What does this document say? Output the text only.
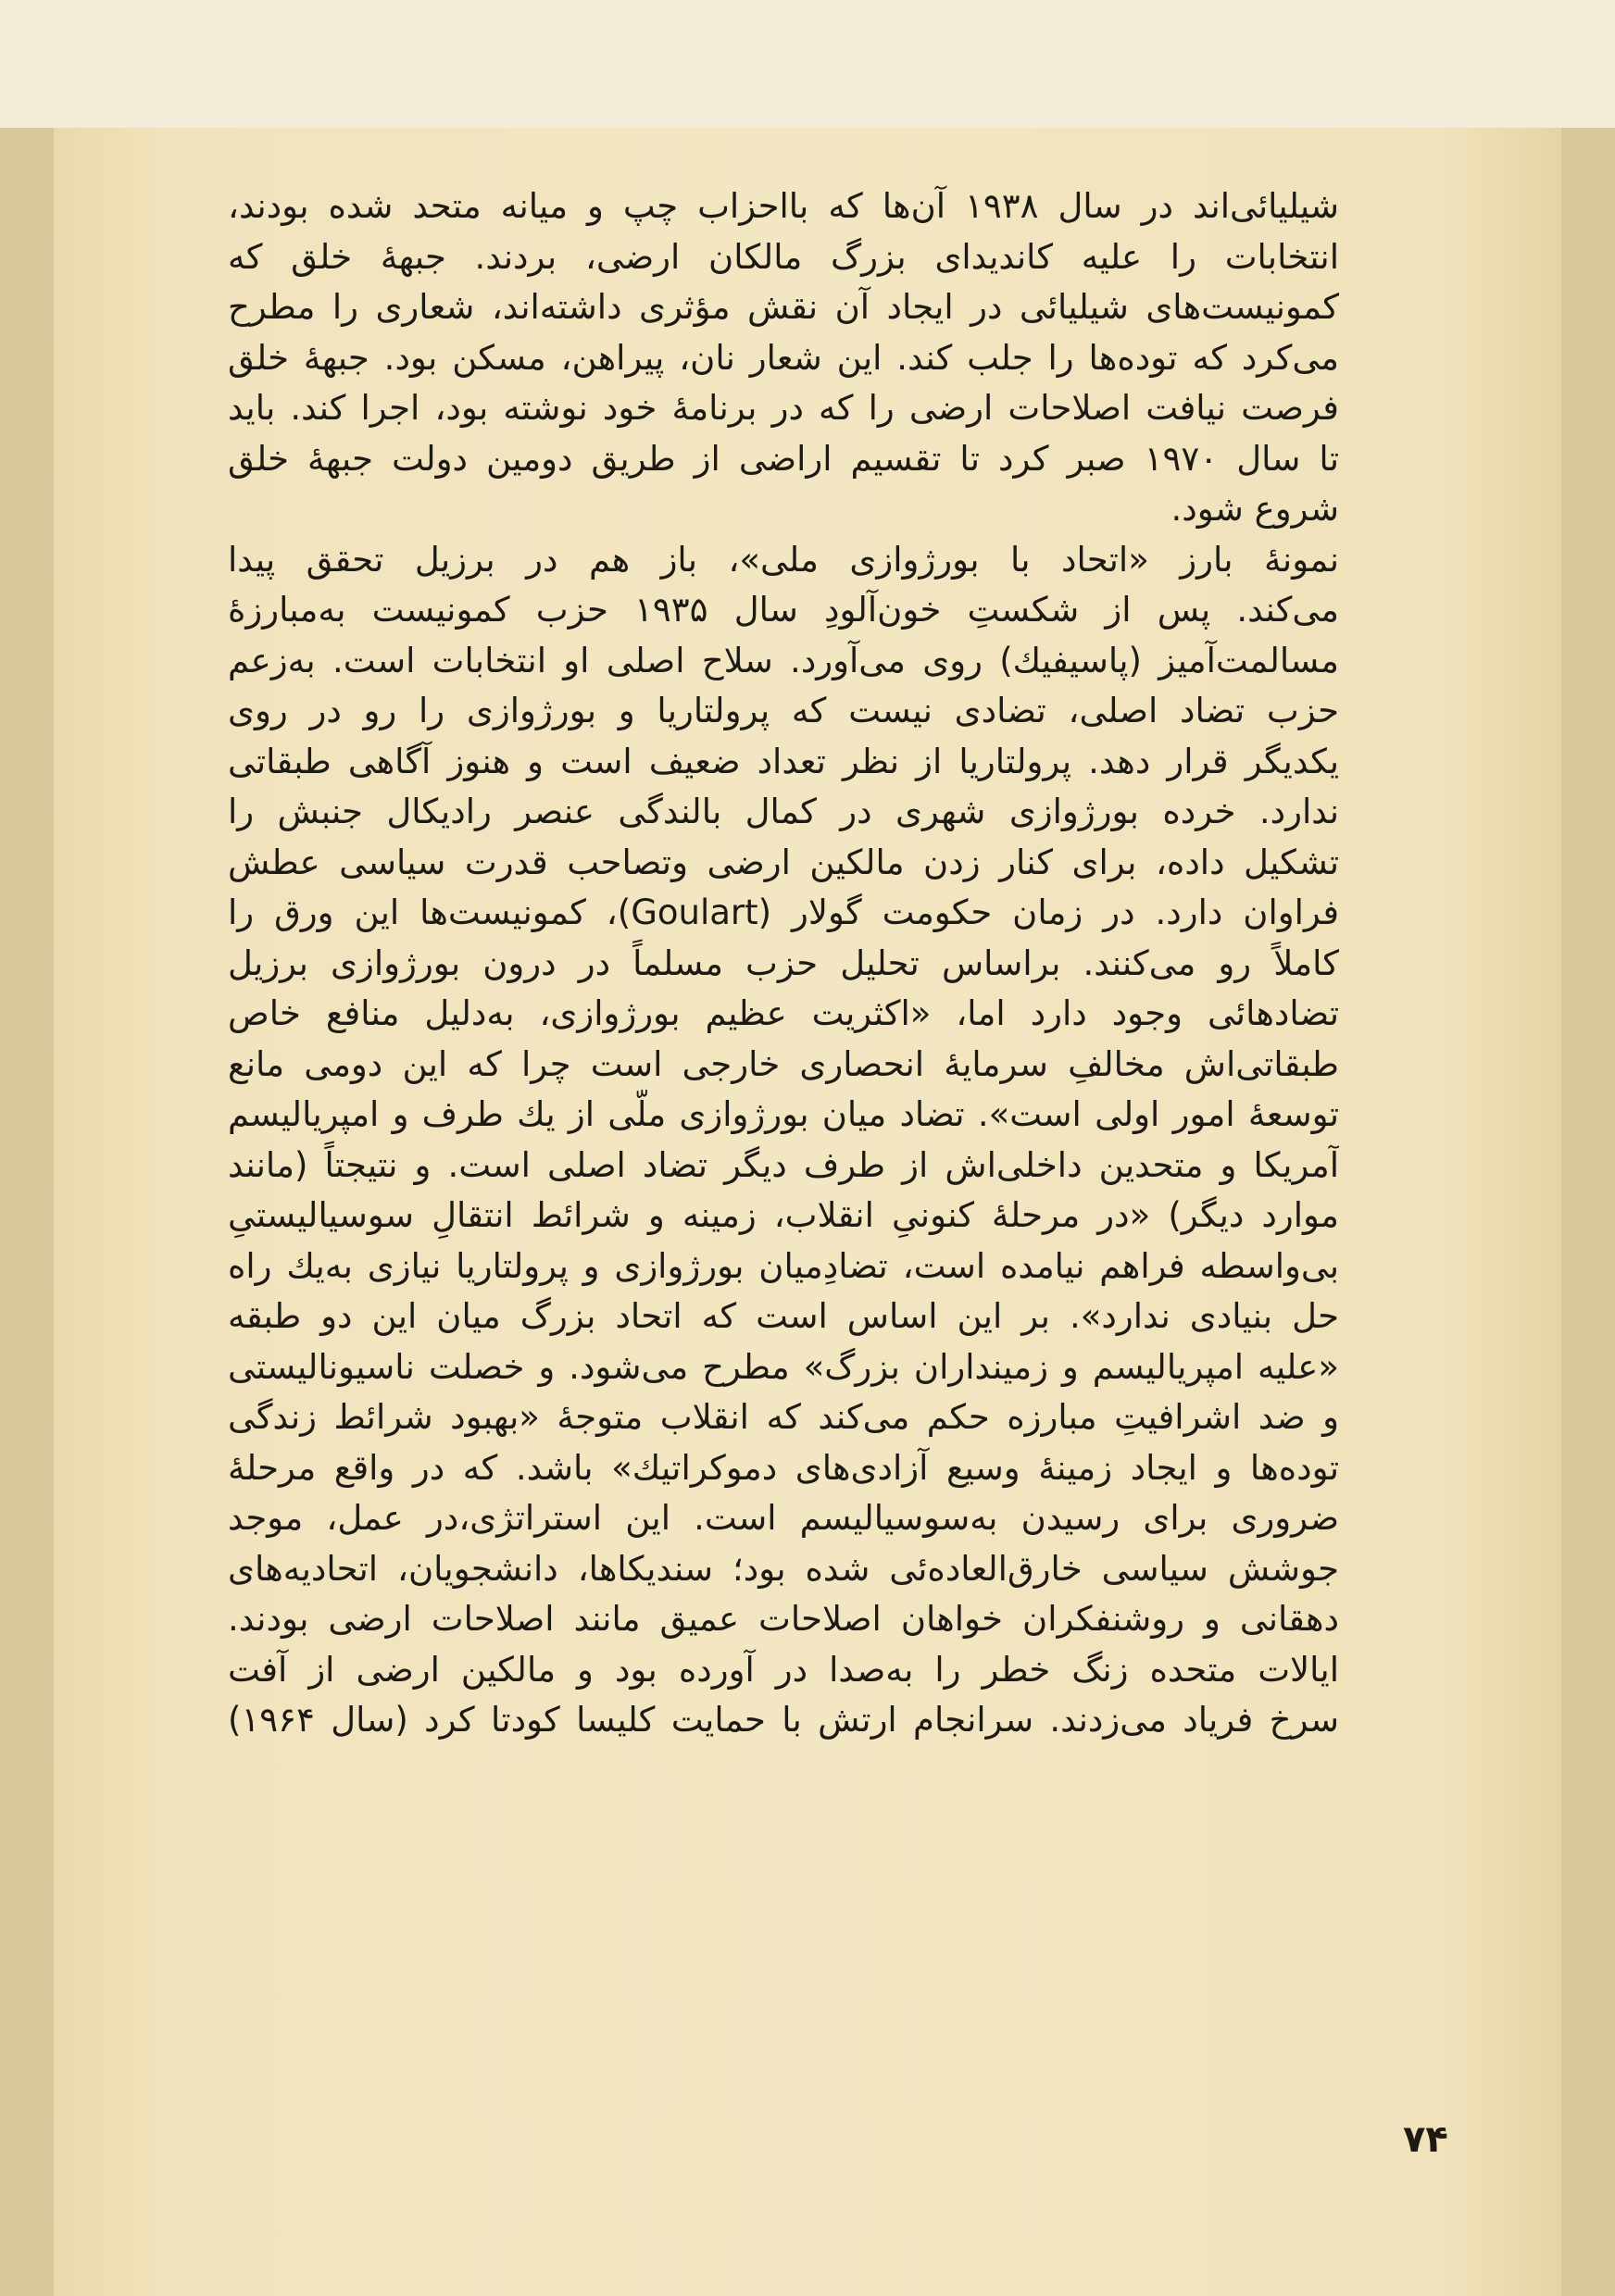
شیلیائی‌اند در سال ۱۹۳۸ آن‌ها که بااحزاب چپ و میانه متحد شده بودند،
انتخابات را علیه کاندیدای بزرگ مالکان ارضی، بردند. جبههٔ خلق که
کمونیست‌های شیلیائی در ایجاد آن نقش مؤثری داشته‌اند، شعاری را مطرح
می‌کرد که توده‌ها را جلب کند. این شعار نان، پیراهن، مسکن بود. جبههٔ خلق
فرصت نیافت اصلاحات ارضی را که در برنامهٔ خود نوشته بود، اجرا کند. باید
تا سال ۱۹۷۰ صبر کرد تا تقسیم اراضی از طریق دومین دولت جبههٔ خلق
شروع شود.
نمونهٔ بارز «اتحاد با بورژوازی ملی»، باز هم در برزیل تحقق پیدا
می‌کند. پس از شکستِ خون‌آلودِ سال ۱۹۳۵ حزب کمونیست به‌مبارزهٔ
مسالمت‌آمیز (پاسیفیك) روی می‌آورد. سلاح اصلی او انتخابات است. به‌زعم
حزب تضاد اصلی، تضادی نیست که پرولتاریا و بورژوازی را رو در روی
یکدیگر قرار دهد. پرولتاریا از نظر تعداد ضعیف است و هنوز آگاهی طبقاتی
ندارد. خرده بورژوازی شهری در کمال بالندگی عنصر رادیکال جنبش را
تشکیل داده، برای کنار زدن مالکین ارضی وتصاحب قدرت سیاسی عطش
فراوان دارد. در زمان حکومت گولار (Goulart)، کمونیست‌ها این ورق را
کاملاً رو می‌کنند. براساس تحلیل حزب مسلماً در درون بورژوازی برزیل
تضادهائی وجود دارد اما، «اکثریت عظیم بورژوازی، به‌دلیل منافع خاص
طبقاتی‌اش مخالفِ سرمایهٔ انحصاری خارجی است چرا که این دومی مانع
توسعهٔ امور اولی است». تضاد میان بورژوازی ملّی از یك طرف و امپریالیسم
آمریکا و متحدین داخلی‌اش از طرف دیگر تضاد اصلی است. و نتیجتاً (مانند
موارد دیگر) «در مرحلهٔ کنونیِ انقلاب، زمینه و شرائط انتقالِ سوسیالیستیِ
بی‌واسطه فراهم نیامده است، تضادِمیان بورژوازی و پرولتاریا نیازی به‌یك راه
حل بنیادی ندارد». بر این اساس است که اتحاد بزرگ میان این دو طبقه
«علیه امپریالیسم و زمینداران بزرگ» مطرح می‌شود. و خصلت ناسیونالیستی
و ضد اشرافیتِ مبارزه حکم می‌کند که انقلاب متوجهٔ «بهبود شرائط زندگی
توده‌ها و ایجاد زمینهٔ وسیع آزادی‌های دموکراتیك» باشد. که در واقع مرحلهٔ
ضروری برای رسیدن به‌سوسیالیسم است. این استراتژی،در عمل، موجد
جوشش سیاسی خارق‌العاده‌ئی شده بود؛ سندیکاها، دانشجویان، اتحادیه‌های
دهقانی و روشنفکران خواهان اصلاحات عمیق مانند اصلاحات ارضی بودند.
ایالات متحده زنگ خطر را به‌صدا در آورده بود و مالکین ارضی از آفت
سرخ فریاد می‌زدند. سرانجام ارتش با حمایت کلیسا کودتا کرد (سال ۱۹۶۴)
۷۴
